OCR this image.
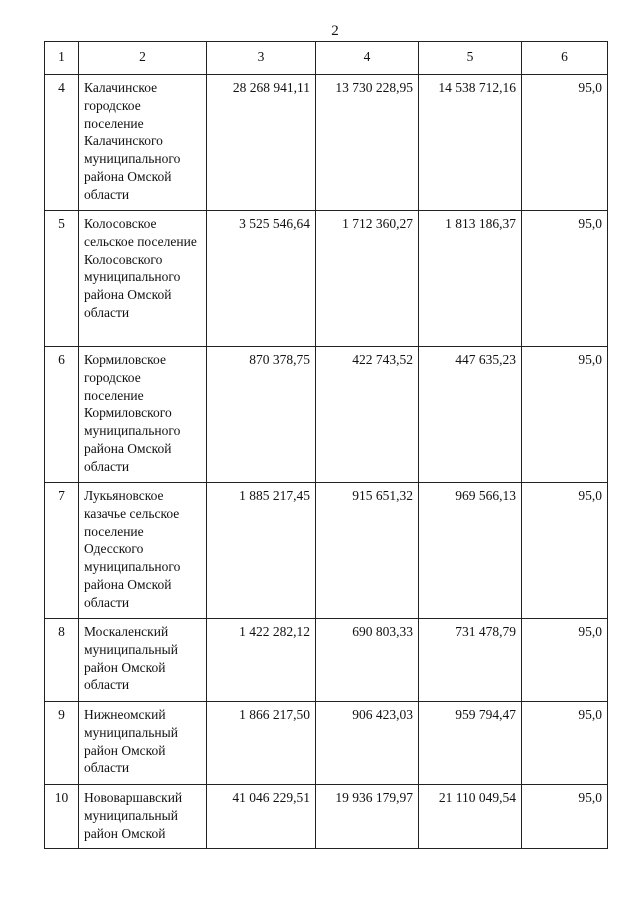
2
1	2	3	4	5	6
4	Калачинское городское поселение Калачинского муниципального района Омской области	28 268 941,11	13 730 228,95	14 538 712,16	95,0
5	Колосовское сельское поселение Колосовского муниципального района Омской области	3 525 546,64	1 712 360,27	1 813 186,37	95,0
6	Кормиловское городское поселение Кормиловского муниципального района Омской области	870 378,75	422 743,52	447 635,23	95,0
7	Лукьяновское казачье сельское поселение Одесского муниципального района Омской области	1 885 217,45	915 651,32	969 566,13	95,0
8	Москаленский муниципальный район Омской области	1 422 282,12	690 803,33	731 478,79	95,0
9	Нижнеомский муниципальный район Омской области	1 866 217,50	906 423,03	959 794,47	95,0
10	Нововаршавский муниципальный район Омской	41 046 229,51	19 936 179,97	21 110 049,54	95,0
